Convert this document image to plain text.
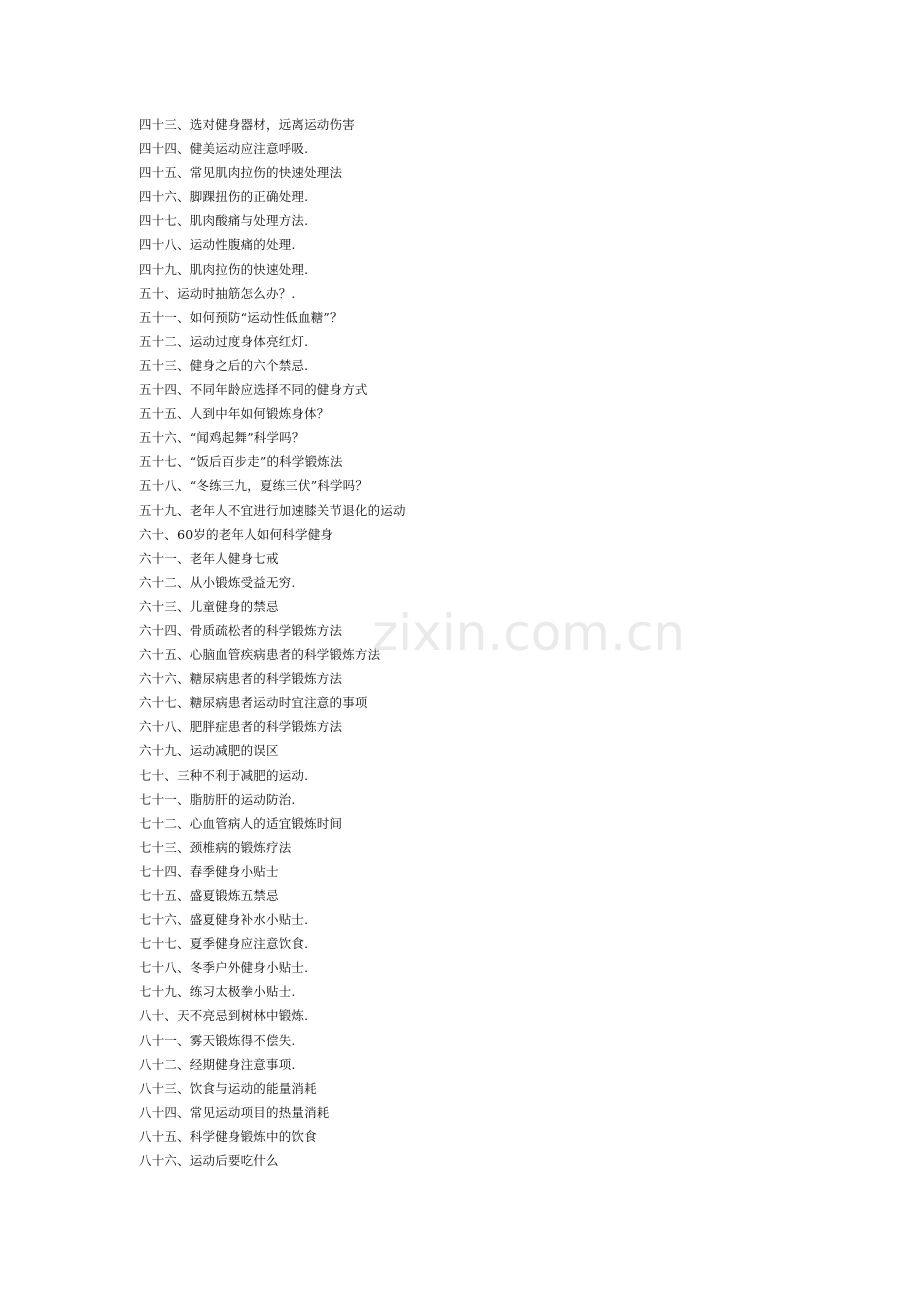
四十三、选对健身器材，远离运动伤害
四十四、健美运动应注意呼吸.
四十五、常见肌肉拉伤的快速处理法
四十六、脚踝扭伤的正确处理.
四十七、肌肉酸痛与处理方法.
四十八、运动性腹痛的处理.
四十九、肌肉拉伤的快速处理.
五十、运动时抽筋怎么办？.
五十一、如何预防“运动性低血糖”？
五十二、运动过度身体亮红灯.
五十三、健身之后的六个禁忌.
五十四、不同年龄应选择不同的健身方式
五十五、人到中年如何锻炼身体？
五十六、“闻鸡起舞”科学吗？
五十七、“饭后百步走”的科学锻炼法
五十八、“冬练三九，夏练三伏”科学吗？
五十九、老年人不宜进行加速膝关节退化的运动
六十、60岁的老年人如何科学健身
六十一、老年人健身七戒
六十二、从小锻炼受益无穷.
六十三、儿童健身的禁忌
六十四、骨质疏松者的科学锻炼方法
六十五、心脑血管疾病患者的科学锻炼方法
六十六、糖尿病患者的科学锻炼方法
六十七、糖尿病患者运动时宜注意的事项
六十八、肥胖症患者的科学锻炼方法
六十九、运动减肥的误区
七十、三种不利于减肥的运动.
七十一、脂肪肝的运动防治.
七十二、心血管病人的适宜锻炼时间
七十三、颈椎病的锻炼疗法
七十四、春季健身小贴士
七十五、盛夏锻炼五禁忌
七十六、盛夏健身补水小贴士.
七十七、夏季健身应注意饮食.
七十八、冬季户外健身小贴士.
七十九、练习太极拳小贴士.
八十、天不亮忌到树林中锻炼.
八十一、雾天锻炼得不偿失.
八十二、经期健身注意事项.
八十三、饮食与运动的能量消耗
八十四、常见运动项目的热量消耗
八十五、科学健身锻炼中的饮食
八十六、运动后要吃什么
zixin.com.cn
